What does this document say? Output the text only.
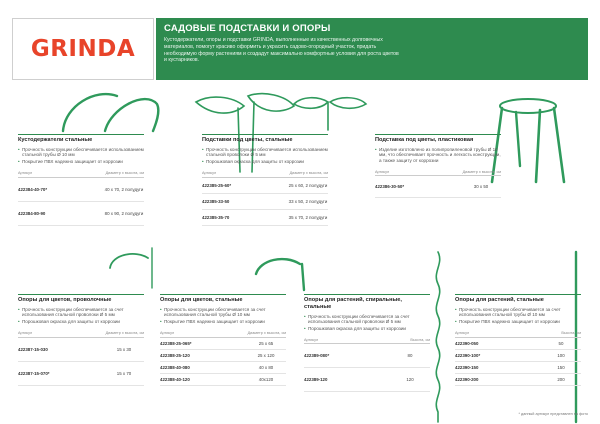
GRINDA
САДОВЫЕ ПОДСТАВКИ И ОПОРЫ
Кустодержатели, опоры и подставки GRINDA, выполненные из качественных долговечных материалов, помогут красиво оформить и украсить садово-огородный участок, придать необходимую форму растениям и создадут максимально комфортные условия для роста цветов и кустарников.
Кустодержатели стальные
• Прочность конструкции обеспечивается использованием стальной трубы Ø 10 мм
• Покрытие ПВХ надежно защищает от коррозии
Артикул	Диаметр x высота, см
422384-40-70*	40 x 70, 2 полудуги
422384-80-90	80 x 90, 2 полудуги
Подставки под цветы, стальные
• Прочность конструкции обеспечивается использованием стальной проволоки Ø 5 мм
• Порошковая окраска для защиты от коррозии
Артикул	Диаметр x высота, см
422385-25-60*	25 x 60, 2 полудуги
422385-33-50	33 x 50, 2 полудуги
422385-35-70	35 x 70, 2 полудуги
Подставка под цветы, пластиковая
• Изделие изготовлено из полипропиленовой трубы Ø 10 мм, что обеспечивает прочность и легкость конструкции, а также защиту от коррозии
Артикул	Диаметр x высота, см
422386-30-50*	30 x 50
Опоры для цветов, проволочные
• Прочность конструкции обеспечивается за счет использования стальной проволоки Ø 5 мм
• Порошковая окраска для защиты от коррозии
Артикул	Диаметр x высота, см
422387-15-030	15 x 30
422387-15-070*	15 x 70
Опоры для цветов, стальные
• Прочность конструкции обеспечивается за счет использования стальной трубы Ø 10 мм
• Покрытие ПВХ надежно защищает от коррозии
Артикул	Диаметр x высота, см
422388-25-065*	25 x 65
422388-25-120	25 x 120
422388-40-080	40 x 80
422388-40-120	40x120
Опоры для растений, спиральные, стальные
• Прочность конструкции обеспечивается за счет использования стальной проволоки Ø 5 мм
• Порошковая окраска для защиты от коррозии
Артикул	Высота, см
422389-080*	80
422389-120	120
Опоры для растений, стальные
• Прочность конструкции обеспечивается за счет использования стальной трубы Ø 10 мм
• Покрытие ПВХ надежно защищает от коррозии
Артикул	Высота, см
422390-050	50
422390-100*	100
422390-150	150
422390-200	200
* данный артикул представлен на фото
